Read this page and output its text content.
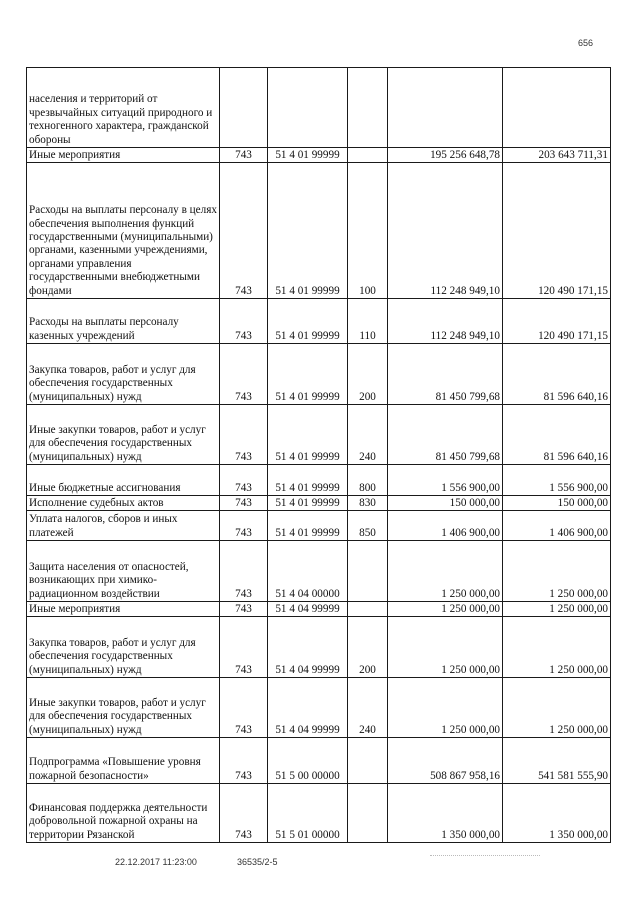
656
населения и территорий от чрезвычайных ситуаций природного и техногенного характера, гражданской обороны					
Иные мероприятия	743	51 4 01 99999		195 256 648,78	203 643 711,31
Расходы на выплаты персоналу в целях обеспечения выполнения функций государственными (муниципальными) органами, казенными учреждениями, органами управления государственными внебюджетными фондами	743	51 4 01 99999	100	112 248 949,10	120 490 171,15
Расходы на выплаты персоналу казенных учреждений	743	51 4 01 99999	110	112 248 949,10	120 490 171,15
Закупка товаров, работ и услуг для обеспечения государственных (муниципальных) нужд	743	51 4 01 99999	200	81 450 799,68	81 596 640,16
Иные закупки товаров, работ и услуг для обеспечения государственных (муниципальных) нужд	743	51 4 01 99999	240	81 450 799,68	81 596 640,16
Иные бюджетные ассигнования	743	51 4 01 99999	800	1 556 900,00	1 556 900,00
Исполнение судебных актов	743	51 4 01 99999	830	150 000,00	150 000,00
Уплата налогов, сборов и иных платежей	743	51 4 01 99999	850	1 406 900,00	1 406 900,00
Защита населения от опасностей, возникающих при химико-радиационном воздействии	743	51 4 04 00000		1 250 000,00	1 250 000,00
Иные мероприятия	743	51 4 04 99999		1 250 000,00	1 250 000,00
Закупка товаров, работ и услуг для обеспечения государственных (муниципальных) нужд	743	51 4 04 99999	200	1 250 000,00	1 250 000,00
Иные закупки товаров, работ и услуг для обеспечения государственных (муниципальных) нужд	743	51 4 04 99999	240	1 250 000,00	1 250 000,00
Подпрограмма «Повышение уровня пожарной безопасности»	743	51 5 00 00000		508 867 958,16	541 581 555,90
Финансовая поддержка деятельности добровольной пожарной охраны на территории Рязанской	743	51 5 01 00000		1 350 000,00	1 350 000,00
22.12.2017 11:23:00	36535/2-5
